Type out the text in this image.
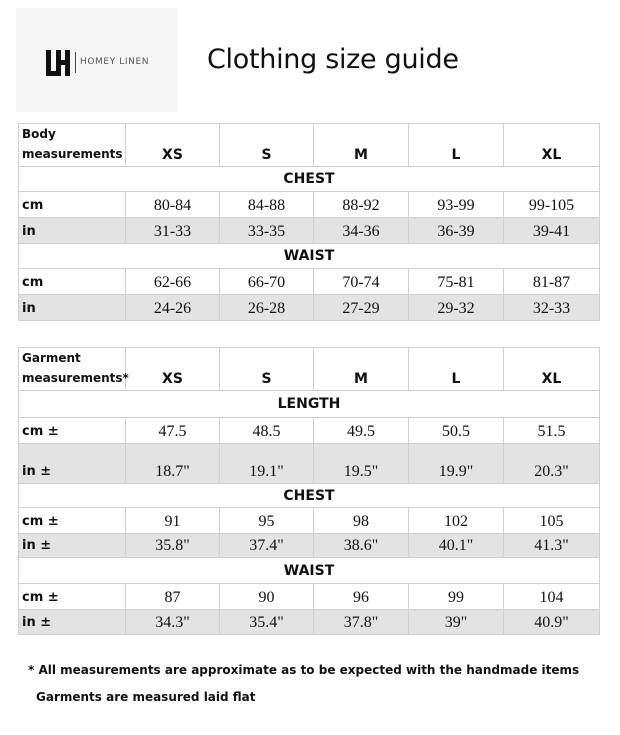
HOMEY LINEN Clothing size guide
Body
measurements	XS	S	M	L	XL
CHEST					
cm	80-84	84-88	88-92	93-99	99-105
in	31-33	33-35	34-36	36-39	39-41
WAIST					
cm	62-66	66-70	70-74	75-81	81-87
in	24-26	26-28	27-29	29-32	32-33
Garment
measurements*	XS	S	M	L	XL
LENGTH					
cm ±	47.5	48.5	49.5	50.5	51.5
in ±	18.7"	19.1"	19.5"	19.9"	20.3"
CHEST					
cm ±	91	95	98	102	105
in ±	35.8"	37.4"	38.6"	40.1"	41.3"
WAIST					
cm ±	87	90	96	99	104
in ±	34.3"	35.4"	37.8"	39"	40.9"
* All measurements are approximate as to be expected with the handmade items
Garments are measured laid flat
